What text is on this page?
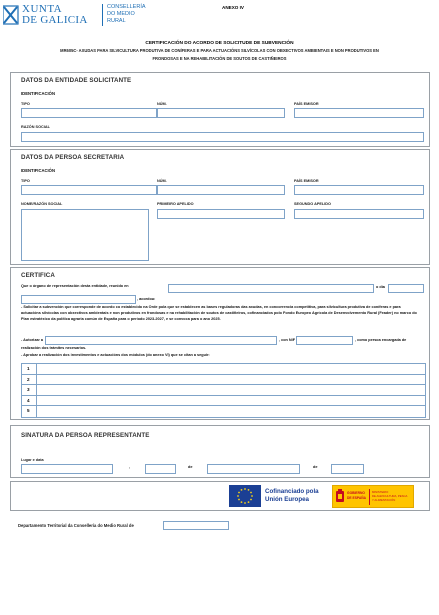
XUNTA
DE GALICIA
CONSELLERÍA
DO MEDIO
RURAL
ANEXO IV
CERTIFICACIÓN DO ACORDO DE SOLICITUDE DE SUBVENCIÓN
MR605C- AXUDAS PARA SILVICULTURA PRODUTIVA DE CONÍFERAS E PARA ACTUACIÓNS SILVÍCOLAS CON OBXECTIVOS AMBIENTAIS E NON PRODUTIVOS EN
FRONDOSAS E NA REHABILITACIÓN DE SOUTOS DE CASTIÑEIROS
DATOS DA ENTIDADE SOLICITANTE
IDENTIFICACIÓN
TIPO	NÚM.	PAÍS EMISOR
RAZÓN SOCIAL
DATOS DA PERSOA SECRETARIA
IDENTIFICACIÓN
TIPO	NÚM.	PAÍS EMISOR
NOME/RAZÓN SOCIAL	PRIMEIRO APELIDO	SEGUNDO APELIDO
CERTIFICA
Que o órgano de representación desta entidade, reunido en	o día
, acordou:
- Solicitar a subvención que corresponde de acordo co establecido na Orde pola que se establecen as bases reguladoras das axudas, en concorrencia competitiva, para silvicultura produtiva de coníferas e para actuacións silvícolas con obxectivos ambientais e non produtivos en frondosas e na rehabilitación de soutos de castiñeiros, cofinanciados polo Fondo Europeo Agrícola de Desenvolvemento Rural (Feader) no marco do Plan estratéxico da política agraria común de España para o período 2023-2027, e se convoca para o ano 2025.
- Autorizar a	, con NIF	, como persoa encargada de
realización dos trámites necesarios.
- Aprobar a realización dos investimentos e actuacións dos módulos (do anexo VI) que se citan a seguir:
1
2
3
4
5
SINATURA DA PERSOA REPRESENTANTE
Lugar e data
,	de	de
Cofinanciado pola
Unión Europea
GOBIERNO
DE ESPAÑA
MINISTERIO
DE AGRICULTURA, PESCA
Y ALIMENTACIÓN
Departamento Territorial da Consellería do Medio Rural de
